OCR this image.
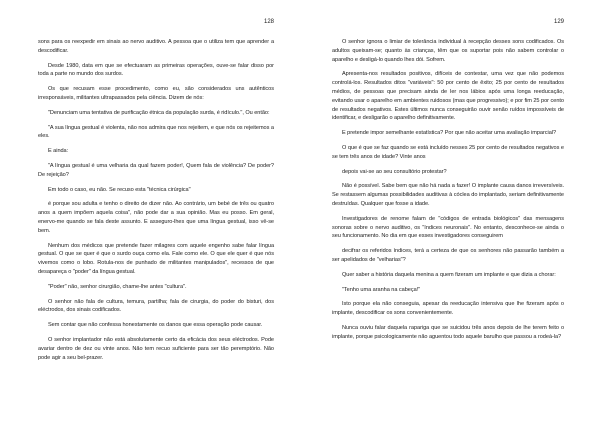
128

sons para os reexpedir em sinais ao nervo auditivo. A pessoa que o utiliza tem que aprender a descodificar.

Desde 1980, data em que se efectuaram as primeiras operações, ouve-se falar disso por toda a parte no mundo dos surdos.

Os que recusam esse procedimento, como eu, são considerados uns autênticos irresponsáveis, militantes ultrapassados pela ciência. Dizem de nós:

"Denunciam uma tentativa de purificação étnica da população surda, é ridículo.", Ou então:

"A sua língua gestual é violenta, não nos admira que nos rejeitem, e que nós os rejeitemos a eles.

E ainda:

"A língua gestual é uma velharia da qual fazem poder!, Quem fala de violência? De poder? De rejeição?

Em todo o caso, eu não. Se recuso esta "técnica cirúrgica"

é porque sou adulta e tenho o direito de dizer não. Ao contrário, um bebé de três ou quatro anos a quem impõem aquela coisa", não pode dar a sua opinião. Mas eu posso. Em geral, enervo-me quando se fala deste assunto. E asseguro-lhes que uma língua gestual, isso vê-se bem.

Nenhum dos médicos que pretende fazer milagres com aquele engenho sabe falar língua gestual. O que se quer é que o surdo ouça como ela. Fale como ele. O que ele quer é que nós vivemos como o lobo. Rotula-nos de punhado de militantes manipulados", recessos de que desapareça o "poder" da língua gestual.

"Poder" não, senhor cirurgião, chame-lhe antes "cultura".

O senhor não fala de cultura, temura, partilha; fala de cirurgia, do poder do bisturi, dos eléctrodos, dos sinais codificados.

Sem contar que não confessa honestamente os danos que essa operação pode causar.

O senhor implantador não está absolutamente certo da eficácia dos seus eléctrodos. Pode avariar dentro de dez ou vinte anos. Não tem recuo suficiente para ser tão peremptório. Não pode agir a seu bel-prazer.

129

O senhor ignora o limiar de tolerância individual à recepção desses sons codificados. Os adultos queixam-se; quanto às crianças, têm que os suportar pois não sabem controlar o aparelho e desligá-lo quando lhes dói. Sofrem.

Apresenta-nos resultados positivos, difíceis de contestar, uma vez que não podemos controlá-los. Resultados ditos "variáveis": 50 por cento de êxito; 25 por cento de resultados médios, de pessoas que precisam ainda de ler nos lábios após uma longa reeducação, evitando usar o aparelho em ambientes ruidosos (mas que progressivo); e por fim 25 por cento de resultados negativos. Estes últimos nunca conseguirão ouvir senão ruídos impossíveis de identificar, e desligarão o aparelho definitivamente.

E pretende impor semelhante estatística? Por que não aceitar uma avaliação imparcial?

O que é que se faz quando se está incluído nesses 25 por cento de resultados negativos e se tem três anos de idade? Vinte anos

depois vai-se ao seu consultório protestar?

Não é possível. Sabe bem que não há nada a fazer! O implante causa danos irreversíveis. Se restassem algumas possibilidades auditivas à cóclea do implantado, seriam definitivamente destruídas. Qualquer que fosse a idade.

Investigadores de renome falam de "códigos de entrada biológicos" das mensagens sonoras sobre o nervo auditivo, os "índices neuronais". No entanto, desconhece-se ainda o seu funcionamento. No dia em que esses investigadores conseguirem

decifrar os referidos índices, terá a certeza de que os senhores não passarão também a ser apelidados de "velharias"?

Quer saber a história daquela menina a quem fizeram um implante e que dizia a chorar:

"Tenho uma aranha na cabeça!"

Isto porque ela não conseguia, apesar da reeducação intensiva que lhe fizeram após o implante, descodificar os sons convenientemente.

Nunca ouviu falar daquela rapariga que se suicidou três anos depois de lhe terem feito o implante, porque psicologicamente não aguentou todo aquele barulho que passou a rodeá-la?
